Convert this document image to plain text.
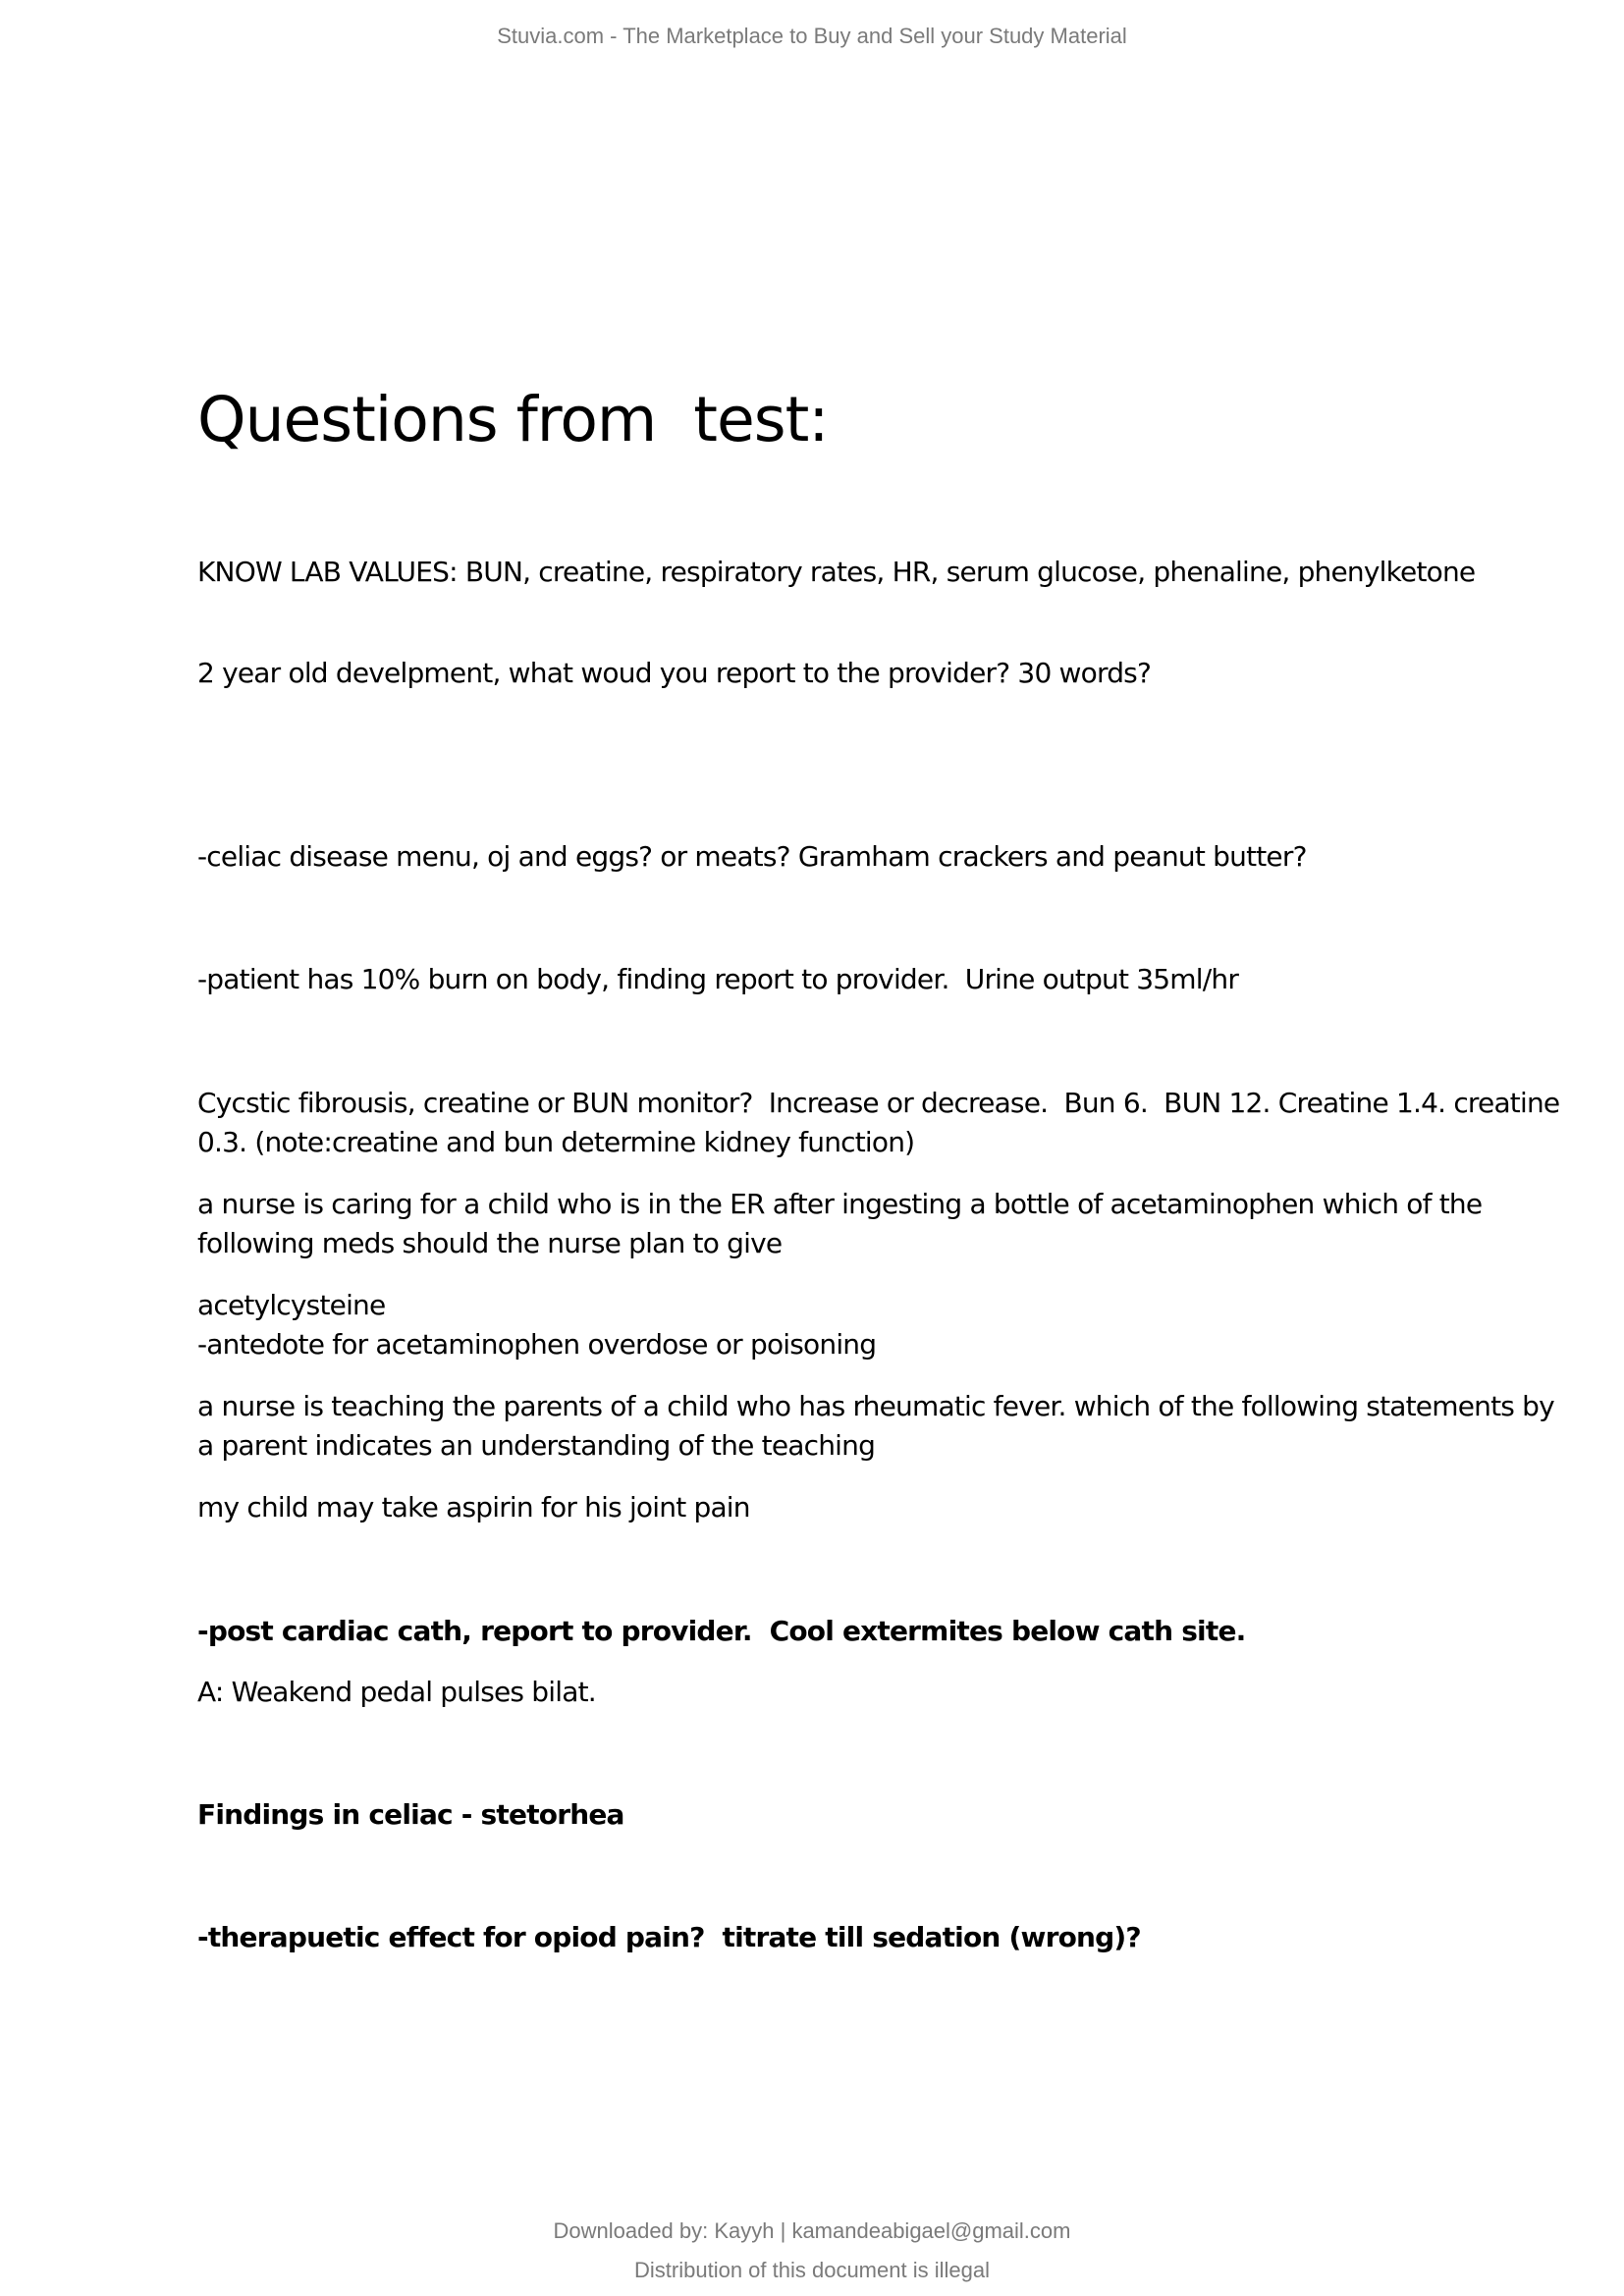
Stuvia.com - The Marketplace to Buy and Sell your Study Material
Questions from  test:

KNOW LAB VALUES: BUN, creatine, respiratory rates, HR, serum glucose, phenaline, phenylketone

2 year old develpment, what woud you report to the provider? 30 words?

-celiac disease menu, oj and eggs? or meats? Gramham crackers and peanut butter?

-patient has 10% burn on body, finding report to provider.  Urine output 35ml/hr

Cycstic fibrousis, creatine or BUN monitor?  Increase or decrease.  Bun 6.  BUN 12. Creatine 1.4. creatine

0.3. (note:creatine and bun determine kidney function)

a nurse is caring for a child who is in the ER after ingesting a bottle of acetaminophen which of the

following meds should the nurse plan to give

acetylcysteine

-antedote for acetaminophen overdose or poisoning

a nurse is teaching the parents of a child who has rheumatic fever. which of the following statements by

a parent indicates an understanding of the teaching

my child may take aspirin for his joint pain

-post cardiac cath, report to provider.  Cool extermites below cath site.

A: Weakend pedal pulses bilat.

Findings in celiac - stetorhea

-therapuetic effect for opiod pain?  titrate till sedation (wrong)?

Downloaded by: Kayyh | kamandeabigael@gmail.com
Distribution of this document is illegal
